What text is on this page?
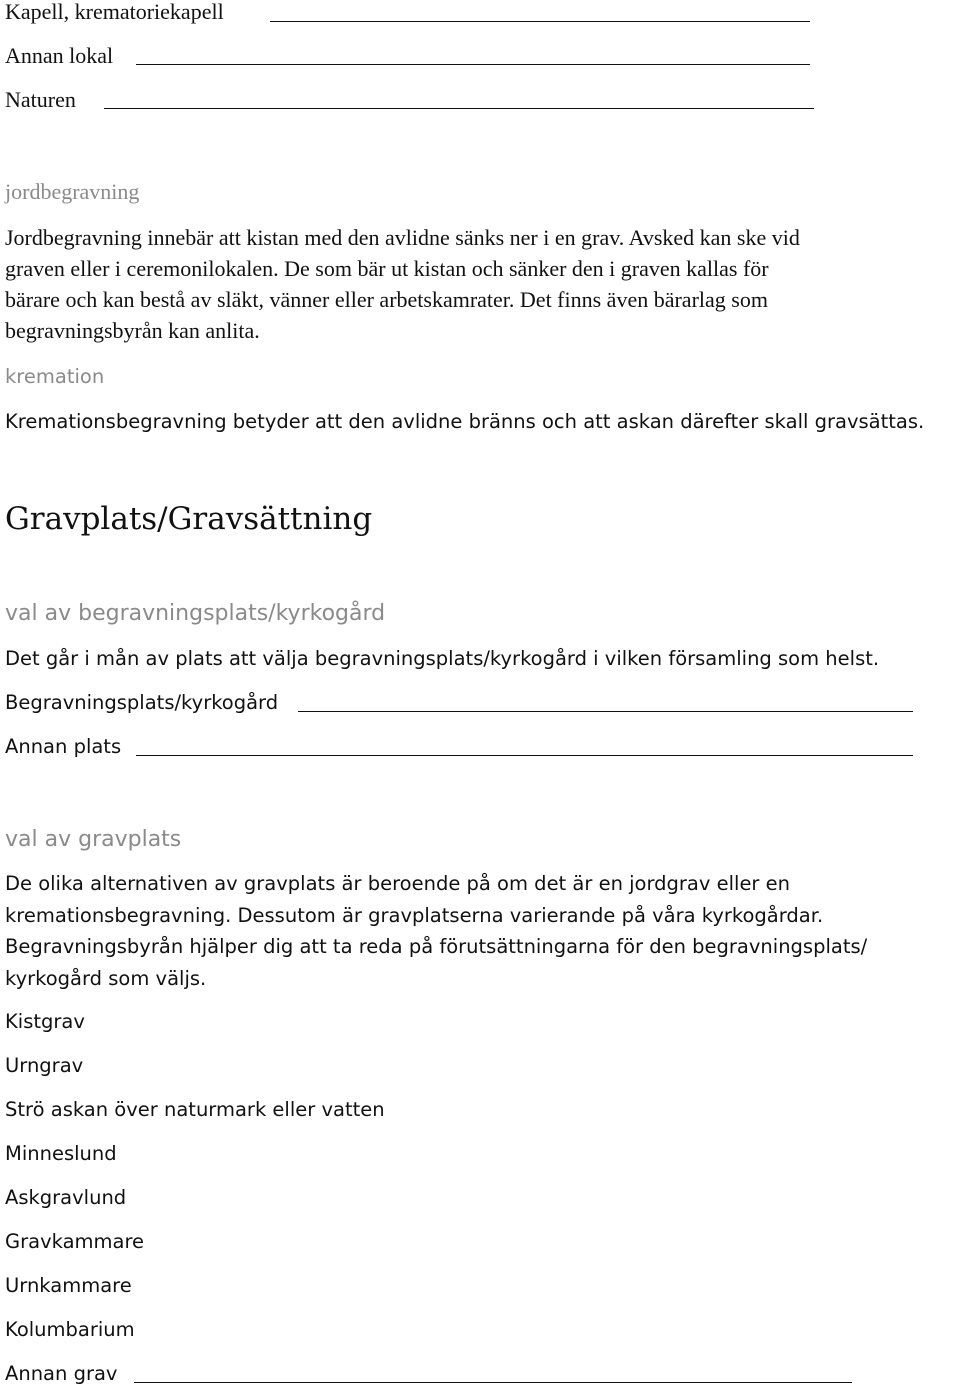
Kapell, krematoriekapell
Annan lokal
Naturen
jordbegravning
Jordbegravning innebär att kistan med den avlidne sänks ner i en grav. Avsked kan ske vid
graven eller i ceremonilokalen. De som bär ut kistan och sänker den i graven kallas för
bärare och kan bestå av släkt, vänner eller arbetskamrater. Det finns även bärarlag som
begravningsbyrån kan anlita.
kremation
Kremationsbegravning betyder att den avlidne bränns och att askan därefter skall gravsättas.
Gravplats/Gravsättning
val av begravningsplats/kyrkogård
Det går i mån av plats att välja begravningsplats/kyrkogård i vilken församling som helst.
Begravningsplats/kyrkogård
Annan plats
val av gravplats
De olika alternativen av gravplats är beroende på om det är en jordgrav eller en
kremationsbegravning. Dessutom är gravplatserna varierande på våra kyrkogårdar.
Begravningsbyrån hjälper dig att ta reda på förutsättningarna för den begravningsplats/
kyrkogård som väljs.
Kistgrav
Urngrav
Strö askan över naturmark eller vatten
Minneslund
Askgravlund
Gravkammare
Urnkammare
Kolumbarium
Annan grav
